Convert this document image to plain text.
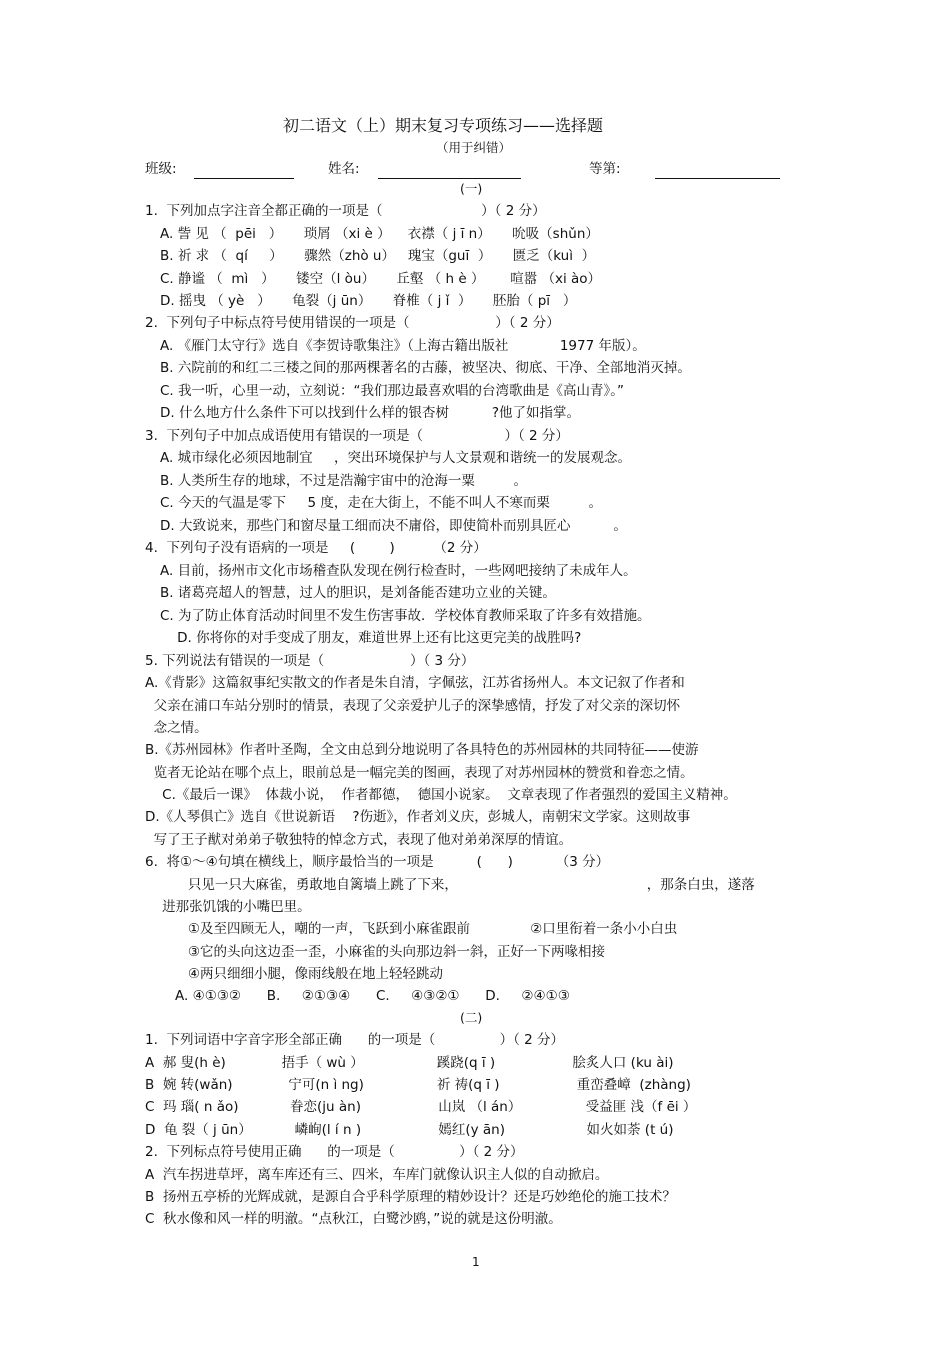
初二语文（上）期末复习专项练习——选择题
（用于纠错）
班级:	姓名:	等第:
(一)
1.  下列加点字注音全都正确的一项是（                       ）（ 2 分）
A. 訾 见 （  pēi   ）     琐屑 （xi è ）    衣襟（ j ī n）     吮吸（shǔn）
B. 祈 求 （  qí     ）     骤然（zhò u）   瑰宝（guī  ）     匮乏（kuì  ）
C. 静谧 （  mì   ）     镂空（l òu）     丘壑 （ h è ）      喧嚣 （xi ào）
D. 摇曳 （ yè   ）     龟裂（j ūn）     脊椎（ j ǐ  ）     胚胎（ pī   ）
2.  下列句子中标点符号使用错误的一项是（                    ）（ 2 分）
A. 《雁门太守行》选自《李贺诗歌集注》（上海古籍出版社            1977 年版）。
B. 六院前的和红二三楼之间的那两棵著名的古藤，被坚决、彻底、干净、全部地消灭掉。
C. 我一听，心里一动，立刻说：“我们那边最喜欢唱的台湾歌曲是《高山青》。”
D. 什么地方什么条件下可以找到什么样的银杏树          ?他了如指掌。
3.  下列句子中加点成语使用有错误的一项是（                   ）（ 2 分）
A. 城市绿化必须因地制宜     ，突出环境保护与人文景观和谐统一的发展观念。
B. 人类所生存的地球，不过是浩瀚宇宙中的沧海一粟         。
C. 今天的气温是零下     5 度，走在大街上，不能不叫人不寒而栗         。
D. 大致说来，那些门和窗尽量工细而决不庸俗，即使简朴而别具匠心          。
4.  下列句子没有语病的一项是     (        )         （2 分）
A. 目前，扬州市文化市场稽查队发现在例行检查时，一些网吧接纳了未成年人。
B. 诸葛亮超人的智慧，过人的胆识，是刘备能否建功立业的关键。
C. 为了防止体育活动时间里不发生伤害事故．学校体育教师采取了许多有效措施。
D. 你将你的对手变成了朋友，难道世界上还有比这更完美的战胜吗?
5. 下列说法有错误的一项是（                    ）（ 3 分）
A.《背影》这篇叙事纪实散文的作者是朱自清，字佩弦，江苏省扬州人。本文记叙了作者和
父亲在浦口车站分别时的情景，表现了父亲爱护儿子的深挚感情，抒发了对父亲的深切怀
念之情。
B.《苏州园林》作者叶圣陶，全文由总到分地说明了各具特色的苏州园林的共同特征——使游
览者无论站在哪个点上，眼前总是一幅完美的图画，表现了对苏州园林的赞赏和眷恋之情。
C.《最后一课》  体裁小说，  作者都德，  德国小说家。  文章表现了作者强烈的爱国主义精神。
D.《人琴俱亡》选自《世说新语    ?伤逝》，作者刘义庆，彭城人，南朝宋文学家。这则故事
写了王子猷对弟弟子敬独特的悼念方式，表现了他对弟弟深厚的情谊。
6.  将①～④句填在横线上，顺序最恰当的一项是          (      )          （3 分）
只见一只大麻雀，勇敢地自篱墙上跳了下来，                                            ，那条白虫，遂落
进那张饥饿的小嘴巴里。
①及至四顾无人，嘲的一声，飞跃到小麻雀跟前              ②口里衔着一条小小白虫
③它的头向这边歪一歪，小麻雀的头向那边斜一斜，正好一下两喙相接
④两只细细小腿，像雨线般在地上轻轻跳动
A. ④①③②      B.     ②①③④      C.     ④③②①      D.     ②④①③
(二)
1.  下列词语中字音字形全部正确      的一项是（               ）（ 2 分）
A  郝 叟(h è)             捂手（ wù ）                 蹊跷(q ī )                  脍炙人口 (ku ài)
B  婉 转(wǎn)             宁可(n ì ng)                 祈 祷(q ī )                  重峦叠嶂  (zhàng)
C  玛 瑙( n ǎo)            眷恋(ju àn)                  山岚 （l án）               受益匪 浅（f ēi ）
D  龟 裂（ j ūn）          嶙峋(l í n )                  嫣红(y ān)                   如火如荼 (t ú)
2.  下列标点符号使用正确      的一项是（               ）（ 2 分）
A  汽车拐进草坪，离车库还有三、四米，车库门就像认识主人似的自动掀启。
B  扬州五亭桥的光辉成就，是源自合乎科学原理的精妙设计？还是巧妙绝伦的施工技术？
C  秋水像和风一样的明澈。“点秋江，白鹭沙鸥，”说的就是这份明澈。
1
